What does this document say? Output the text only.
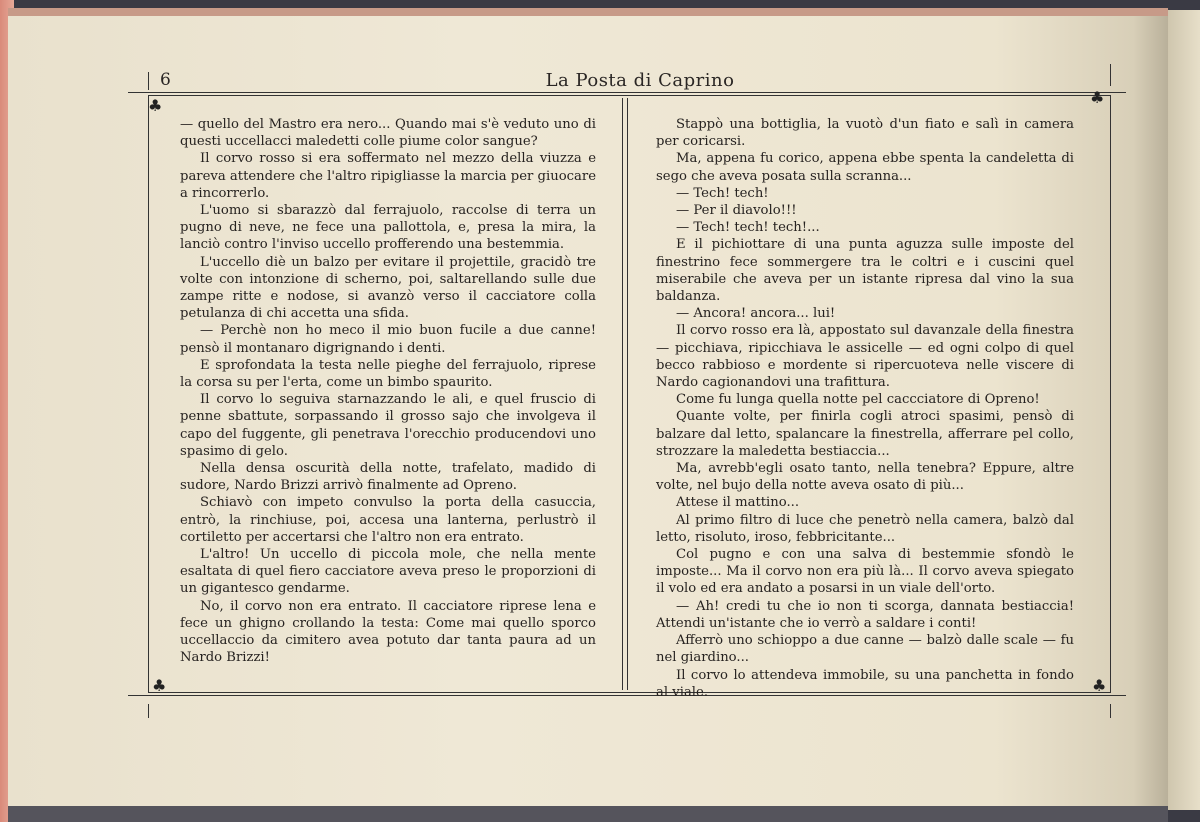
6	La Posta di Caprino
♣	♣
♣	♣

— quello del Mastro era nero... Quando mai s'è veduto uno di questi uccellacci maledetti colle piume color sangue?

Il corvo rosso si era soffermato nel mezzo della viuzza e pareva attendere che l'altro ripigliasse la marcia per giuocare a rincorrerlo.

L'uomo si sbarazzò dal ferrajuolo, raccolse di terra un pugno di neve, ne fece una pallottola, e, presa la mira, la lanciò contro l'inviso uccello profferendo una bestemmia.

L'uccello diè un balzo per evitare il projettile, gracidò tre volte con intonzione di scherno, poi, saltarellando sulle due zampe ritte e nodose, si avanzò verso il cacciatore colla petulanza di chi accetta una sfida.

— Perchè non ho meco il mio buon fucile a due canne! pensò il montanaro digrignando i denti.

E sprofondata la testa nelle pieghe del ferrajuolo, riprese la corsa su per l'erta, come un bimbo spaurito.

Il corvo lo seguiva starnazzando le ali, e quel fruscio di penne sbattute, sorpassando il grosso sajo che involgeva il capo del fuggente, gli penetrava l'orecchio producendovi uno spasimo di gelo.

Nella densa oscurità della notte, trafelato, madido di sudore, Nardo Brizzi arrivò finalmente ad Opreno.

Schiavò con impeto convulso la porta della casuccia, entrò, la rinchiuse, poi, accesa una lanterna, perlustrò il cortiletto per accertarsi che l'altro non era entrato.

L'altro! Un uccello di piccola mole, che nella mente esaltata di quel fiero cacciatore aveva preso le proporzioni di un gigantesco gendarme.

No, il corvo non era entrato. Il cacciatore riprese lena e fece un ghigno crollando la testa: Come mai quello sporco uccellaccio da cimitero avea potuto dar tanta paura ad un Nardo Brizzi!

Stappò una bottiglia, la vuotò d'un fiato e salì in camera per coricarsi.

Ma, appena fu corico, appena ebbe spenta la candeletta di sego che aveva posata sulla scranna...

— Tech! tech!

— Per il diavolo!!!

— Tech! tech! tech!...

E il pichiottare di una punta aguzza sulle imposte del finestrino fece sommergere tra le coltri e i cuscini quel miserabile che aveva per un istante ripresa dal vino la sua baldanza.

— Ancora! ancora... lui!

Il corvo rosso era là, appostato sul davanzale della finestra — picchiava, ripicchiava le assicelle — ed ogni colpo di quel becco rabbioso e mordente si ripercuoteva nelle viscere di Nardo cagionandovi una trafittura.

Come fu lunga quella notte pel caccciatore di Opreno!

Quante volte, per finirla cogli atroci spasimi, pensò di balzare dal letto, spalancare la finestrella, afferrare pel collo, strozzare la maledetta bestiaccia...

Ma, avrebb'egli osato tanto, nella tenebra? Eppure, altre volte, nel bujo della notte aveva osato di più...

Attese il mattino...

Al primo filtro di luce che penetrò nella camera, balzò dal letto, risoluto, iroso, febbricitante...

Col pugno e con una salva di bestemmie sfondò le imposte... Ma il corvo non era più là... Il corvo aveva spiegato il volo ed era andato a posarsi in un viale dell'orto.

— Ah! credi tu che io non ti scorga, dannata bestiaccia! Attendi un'istante che io verrò a saldare i conti!

Afferrò uno schioppo a due canne — balzò dalle scale — fu nel giardino...

Il corvo lo attendeva immobile, su una panchetta in fondo al viale.
